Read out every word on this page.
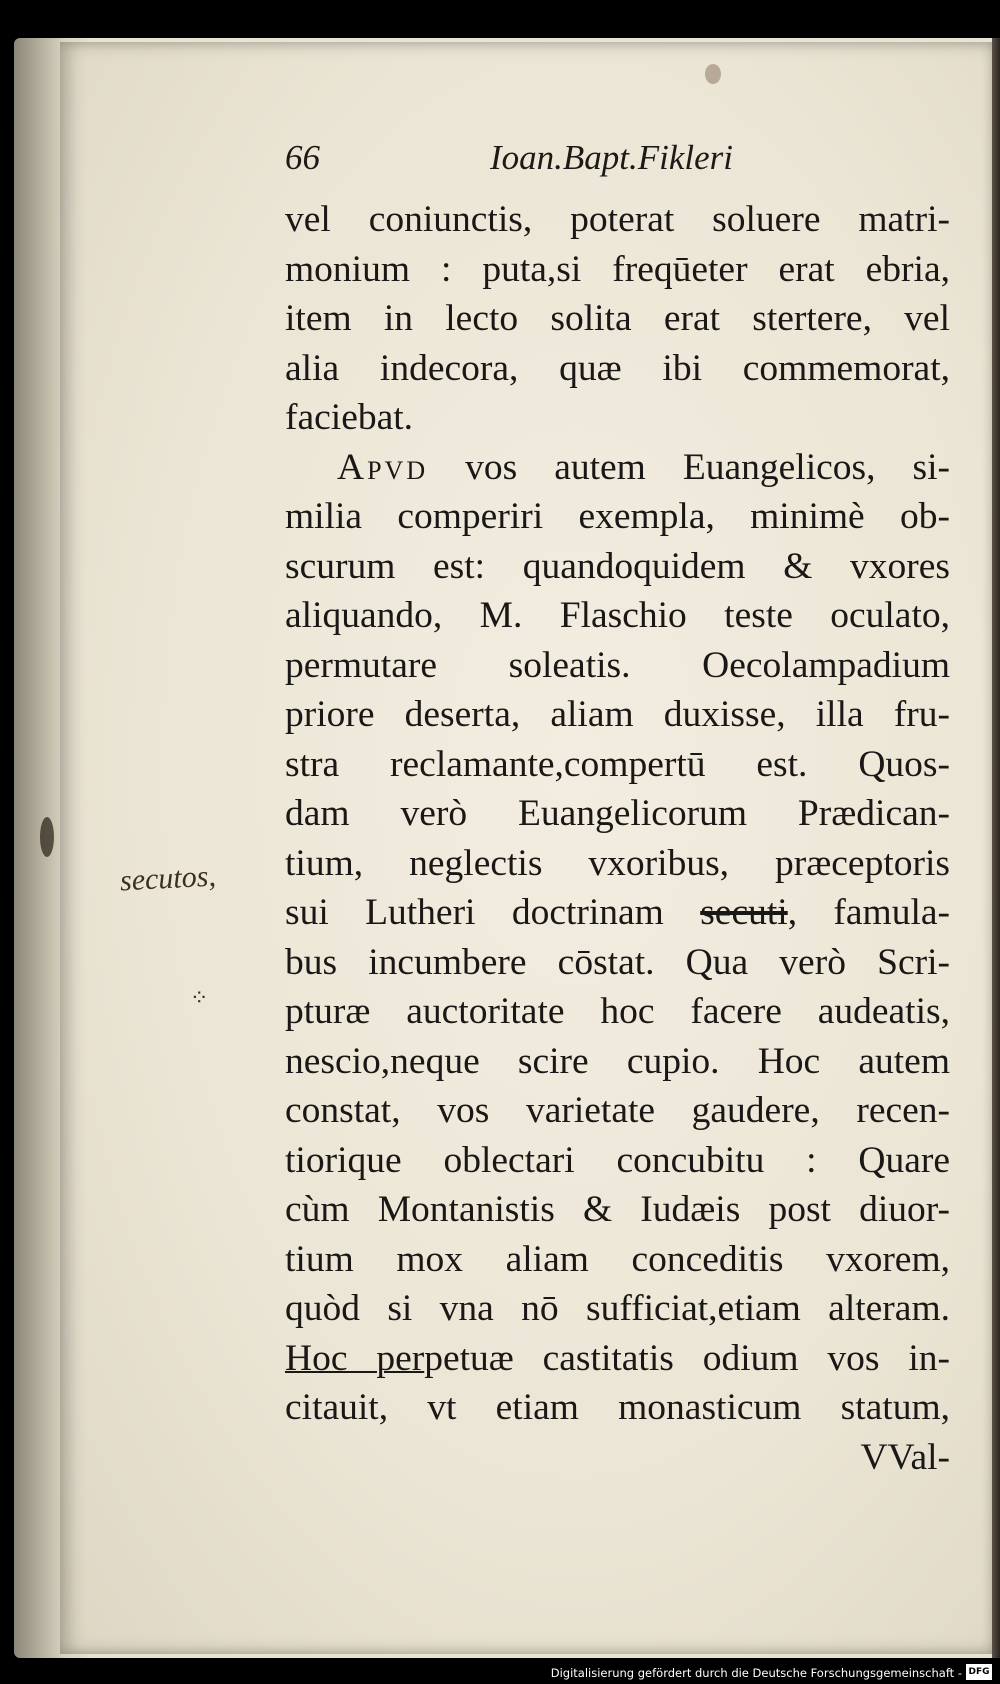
66	Ioan.Bapt.Fikleri
vel coniunctis, poterat soluere matri-
monium : puta,si freqūeter erat ebria,
item in lecto solita erat stertere, vel
alia indecora, quæ ibi commemorat,
faciebat.
Apvd vos autem Euangelicos, si-
milia comperiri exempla, minimè ob-
scurum est: quandoquidem & vxores
aliquando, M. Flaschio teste oculato,
permutare soleatis. Oecolampadium
priore deserta, aliam duxisse, illa fru-
stra reclamante,compertū est. Quos-
dam verò Euangelicorum Prædican-
tium, neglectis vxoribus, præceptoris
sui Lutheri doctrinam secuti, famula-
bus incumbere cōstat. Qua verò Scri-
pturæ auctoritate hoc facere audeatis,
nescio,neque scire cupio. Hoc autem
constat, vos varietate gaudere, recen-
tiorique oblectari concubitu : Quare
cùm Montanistis & Iudæis post diuor-
tium mox aliam conceditis vxorem,
quòd si vna nō sufficiat,etiam alteram.
Hoc perpetuæ castitatis odium vos in-
citauit, vt etiam monasticum statum,
VVal-
secutos,
⁘
Digitalisierung gefördert durch die Deutsche Forschungsgemeinschaft - DFG
